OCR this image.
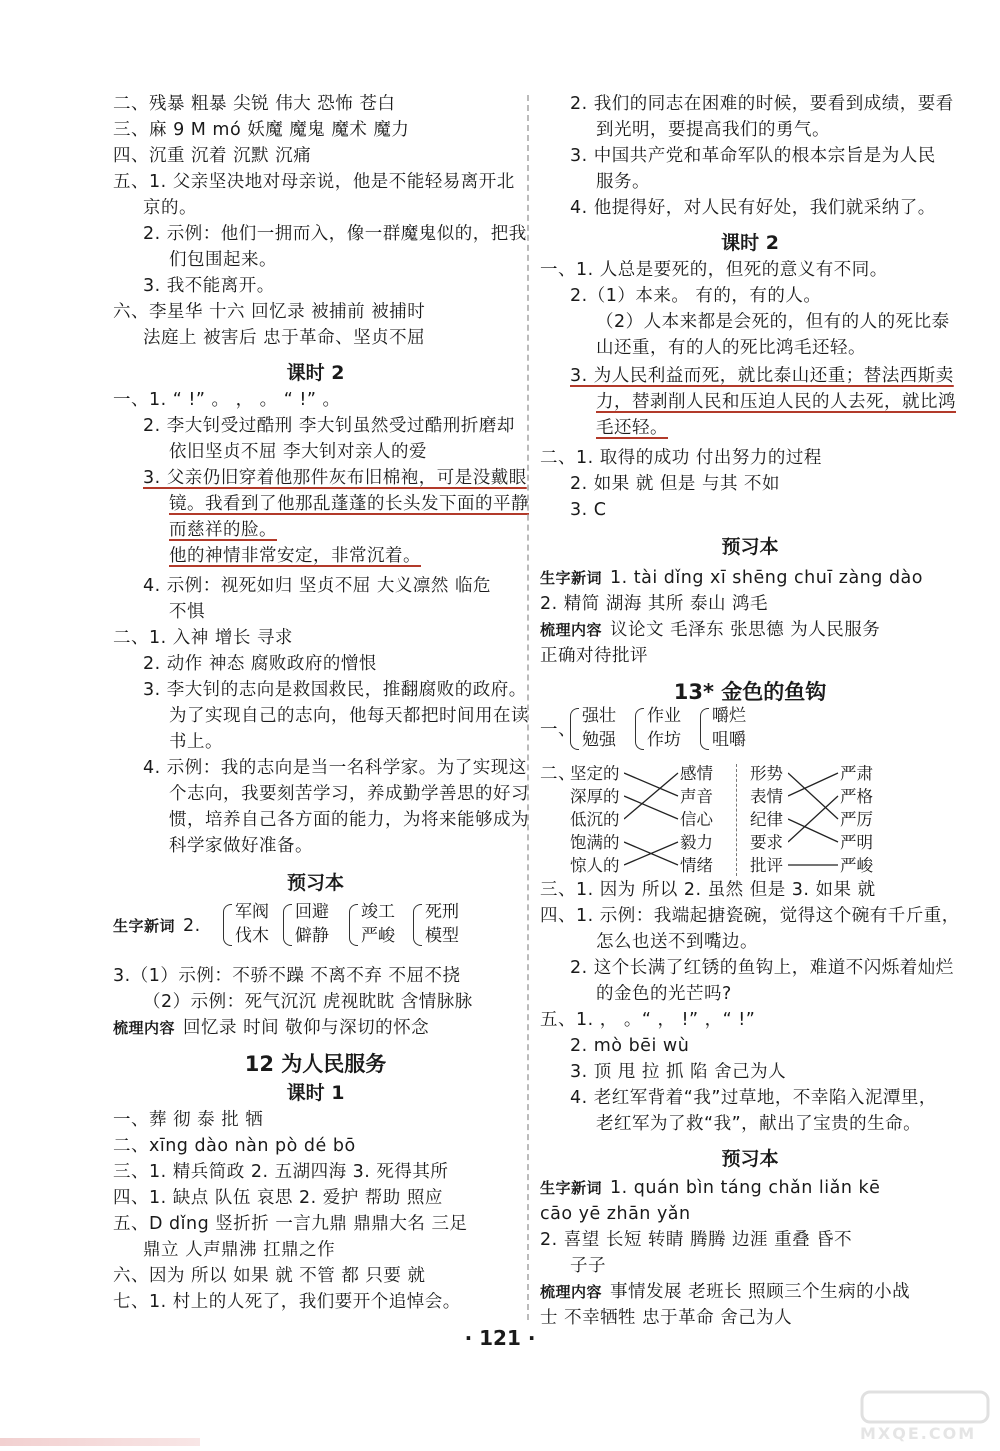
二、残暴 粗暴 尖锐 伟大 恐怖 苍白
三、麻 9 M mó 妖魔 魔鬼 魔术 魔力
四、沉重 沉着 沉默 沉痛
五、1. 父亲坚决地对母亲说，他是不能轻易离开北
京的。
2. 示例：他们一拥而入，像一群魔鬼似的，把我
们包围起来。
3. 我不能离开。
六、李星华 十六 回忆录 被捕前 被捕时
法庭上 被害后 忠于革命、坚贞不屈
课时 2
一、1. “ !” 。 ， 。 “ !” 。
2. 李大钊受过酷刑 李大钊虽然受过酷刑折磨却
依旧坚贞不屈 李大钊对亲人的爱
3. 父亲仍旧穿着他那件灰布旧棉袍，可是没戴眼
镜。我看到了他那乱蓬蓬的长头发下面的平静
而慈祥的脸。
他的神情非常安定，非常沉着。
4. 示例：视死如归 坚贞不屈 大义凛然 临危
不惧
二、1. 入神 增长 寻求
2. 动作 神态 腐败政府的憎恨
3. 李大钊的志向是救国救民，推翻腐败的政府。
为了实现自己的志向，他每天都把时间用在读
书上。
4. 示例：我的志向是当一名科学家。为了实现这
个志向，我要刻苦学习，养成勤学善思的好习
惯，培养自己各方面的能力，为将来能够成为
科学家做好准备。
预习本
生字新词 2.
军阀
伐木
回避
僻静
竣工
严峻
死刑
模型
3.（1）示例：不骄不躁 不离不弃 不屈不挠
（2）示例：死气沉沉 虎视眈眈 含情脉脉
梳理内容 回忆录 时间 敬仰与深切的怀念
12 为人民服务
课时 1
一、葬 彻 泰 批 牺
二、xīng dào nàn pò dé bō
三、1. 精兵简政 2. 五湖四海 3. 死得其所
四、1. 缺点 队伍 哀思 2. 爱护 帮助 照应
五、D dǐng 竖折折 一言九鼎 鼎鼎大名 三足
鼎立 人声鼎沸 扛鼎之作
六、因为 所以 如果 就 不管 都 只要 就
七、1. 村上的人死了，我们要开个追悼会。
2. 我们的同志在困难的时候，要看到成绩，要看
到光明，要提高我们的勇气。
3. 中国共产党和革命军队的根本宗旨是为人民
服务。
4. 他提得好，对人民有好处，我们就采纳了。
课时 2
一、1. 人总是要死的，但死的意义有不同。
2.（1）本来。 有的，有的人。
（2）人本来都是会死的，但有的人的死比泰
山还重，有的人的死比鸿毛还轻。
3. 为人民利益而死，就比泰山还重；替法西斯卖
力，替剥削人民和压迫人民的人去死，就比鸿
毛还轻。
二、1. 取得的成功 付出努力的过程
2. 如果 就 但是 与其 不如
3. C
预习本
生字新词 1. tài dǐng xī shēng chuī zàng dào
2. 精简 湖海 其所 泰山 鸿毛
梳理内容 议论文 毛泽东 张思德 为人民服务
正确对待批评
13* 金色的鱼钩
一、
强壮
勉强
作业
作坊
嚼烂
咀嚼
二、
坚定的
深厚的
低沉的
饱满的
惊人的
感情
声音
信心
毅力
情绪
形势
表情
纪律
要求
批评
严肃
严格
严厉
严明
严峻
三、1. 因为 所以 2. 虽然 但是 3. 如果 就
四、1. 示例：我端起搪瓷碗，觉得这个碗有千斤重，
怎么也送不到嘴边。
2. 这个长满了红锈的鱼钩上，难道不闪烁着灿烂
的金色的光芒吗?
五、1. ， 。“ ， !” ，“ !”
2. mò bēi wù
3. 顶 甩 拉 抓 陷 舍己为人
4. 老红军背着“我”过草地，不幸陷入泥潭里，
老红军为了救“我”，献出了宝贵的生命。
预习本
生字新词 1. quán bìn táng chǎn liǎn kē
cāo yē zhān yǎn
2. 喜望 长短 转睛 腾腾 边涯 重叠 昏不
子子
梳理内容 事情发展 老班长 照顾三个生病的小战
士 不幸牺牲 忠于革命 舍己为人
· 121 ·
MXQE.COM
